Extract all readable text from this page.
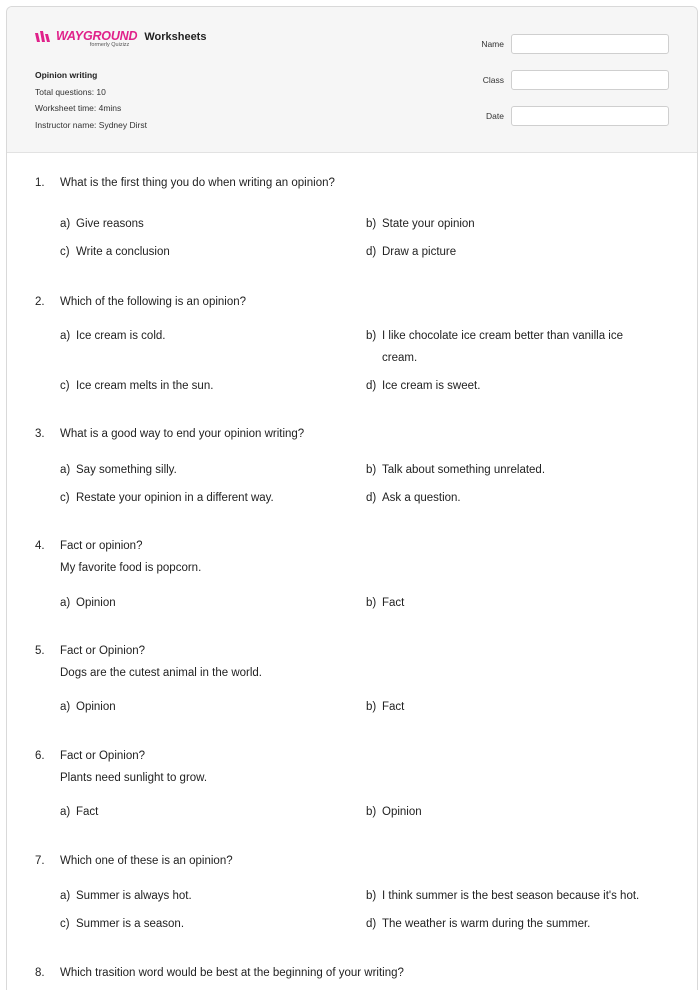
WAYGROUND
formerly Quizizz
Worksheets
Opinion writing
Total questions: 10
Worksheet time: 4mins
Instructor name: Sydney Dirst
Name
Class
Date
1. What is the first thing you do when writing an opinion?
a) Give reasons	b) State your opinion
c) Write a conclusion	d) Draw a picture
2. Which of the following is an opinion?
a) Ice cream is cold.	b) I like chocolate ice cream better than vanilla ice cream.
c) Ice cream melts in the sun.	d) Ice cream is sweet.
3. What is a good way to end your opinion writing?
a) Say something silly.	b) Talk about something unrelated.
c) Restate your opinion in a different way.	d) Ask a question.
4. Fact or opinion?
My favorite food is popcorn.
a) Opinion	b) Fact
5. Fact or Opinion?
Dogs are the cutest animal in the world.
a) Opinion	b) Fact
6. Fact or Opinion?
Plants need sunlight to grow.
a) Fact	b) Opinion
7. Which one of these is an opinion?
a) Summer is always hot.	b) I think summer is the best season because it's hot.
c) Summer is a season.	d) The weather is warm during the summer.
8. Which trasition word would be best at the beginning of your writing?
